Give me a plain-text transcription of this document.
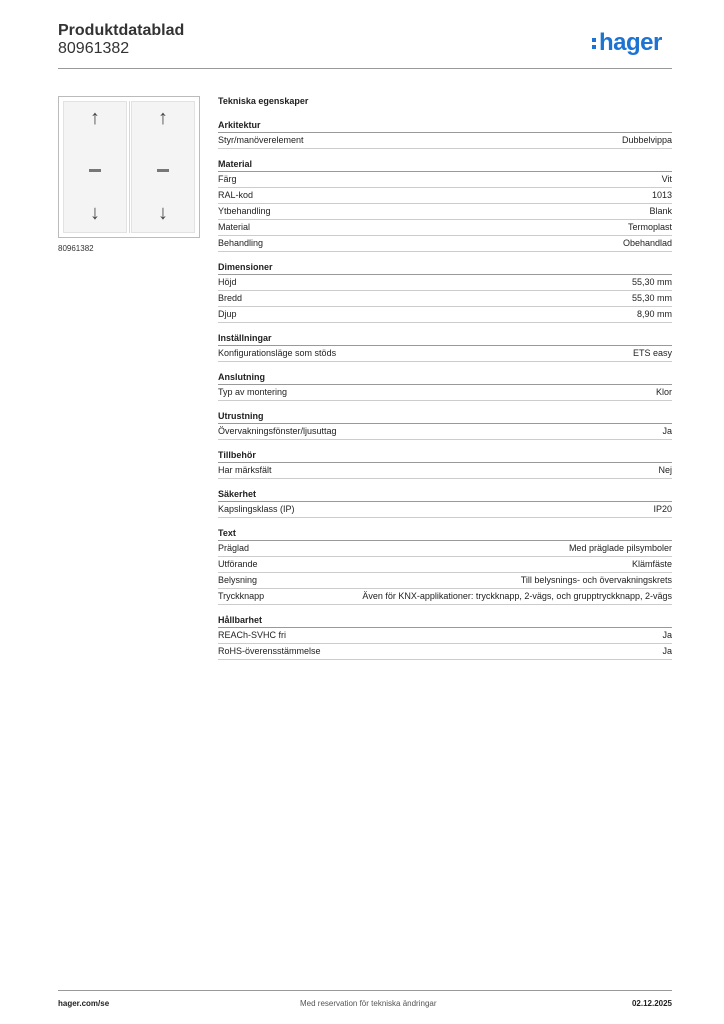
Produktdatablad
80961382	hager
↑
↓
↑
↓
80961382
Tekniska egenskaper
Arkitektur
Styr/manöverelement	Dubbelvippa
Material
Färg	Vit
RAL-kod	1013
Ytbehandling	Blank
Material	Termoplast
Behandling	Obehandlad
Dimensioner
Höjd	55,30 mm
Bredd	55,30 mm
Djup	8,90 mm
Inställningar
Konfigurationsläge som stöds	ETS easy
Anslutning
Typ av montering	Klor
Utrustning
Övervakningsfönster/ljusuttag	Ja
Tillbehör
Har märksfält	Nej
Säkerhet
Kapslingsklass (IP)	IP20
Text
Präglad	Med präglade pilsymboler
Utförande	Klämfäste
Belysning	Till belysnings- och övervakningskrets
Tryckknapp	Även för KNX-applikationer: tryckknapp, 2-vägs, och grupptryckknapp, 2-vägs
Hållbarhet
REACh-SVHC fri	Ja
RoHS-överensstämmelse	Ja
hager.com/se	Med reservation för tekniska ändringar	02.12.2025
